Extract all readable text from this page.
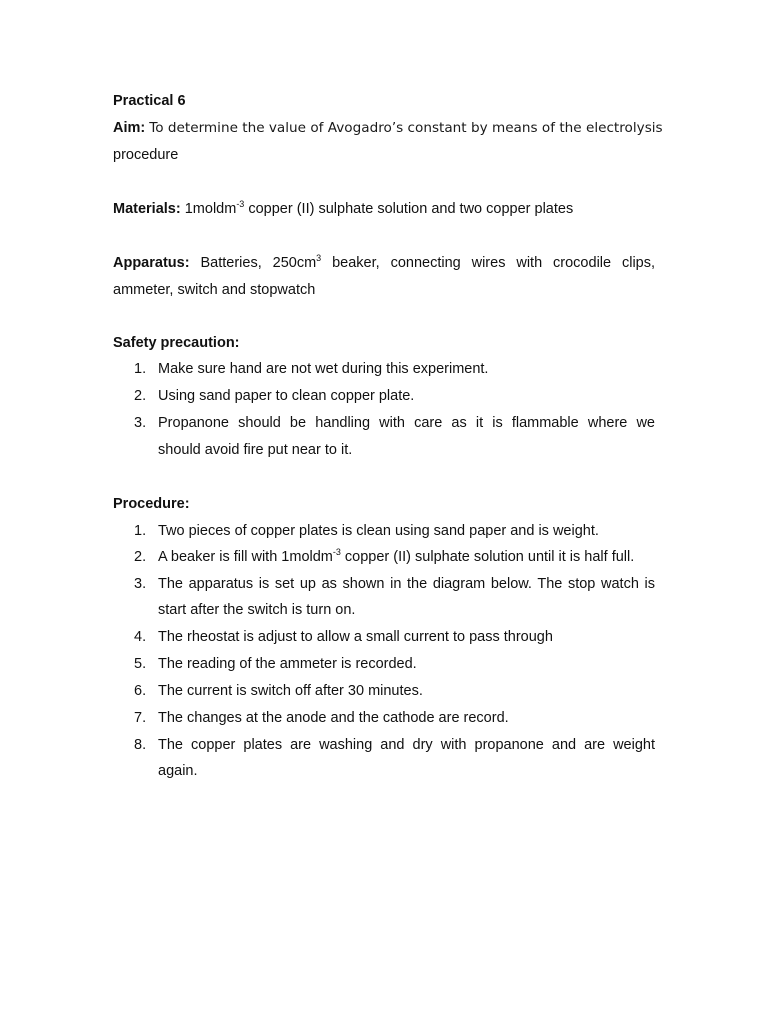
Practical 6
Aim: To determine the value of Avogadro’s constant by means of the electrolysis
procedure
Materials: 1moldm$^{-3}$ copper (II) sulphate solution and two copper plates
Apparatus: Batteries, $250cm^3$ beaker, connecting wires with crocodile clips,
ammeter, switch and stopwatch
Safety precaution:
1. Make sure hand are not wet during this experiment.
2. Using sand paper to clean copper plate.
3. Propanone should be handling with care as it is flammable where we
should avoid fire put near to it.
Procedure:
1. Two pieces of copper plates is clean using sand paper and is weight.
2. A beaker is fill with 1moldm$^{-3}$ copper (II) sulphate solution until it is half full.
3. The apparatus is set up as shown in the diagram below. The stop watch is
start after the switch is turn on.
4. The rheostat is adjust to allow a small current to pass through
5. The reading of the ammeter is recorded.
6. The current is switch off after 30 minutes.
7. The changes at the anode and the cathode are record.
8. The copper plates are washing and dry with propanone and are weight
again.
